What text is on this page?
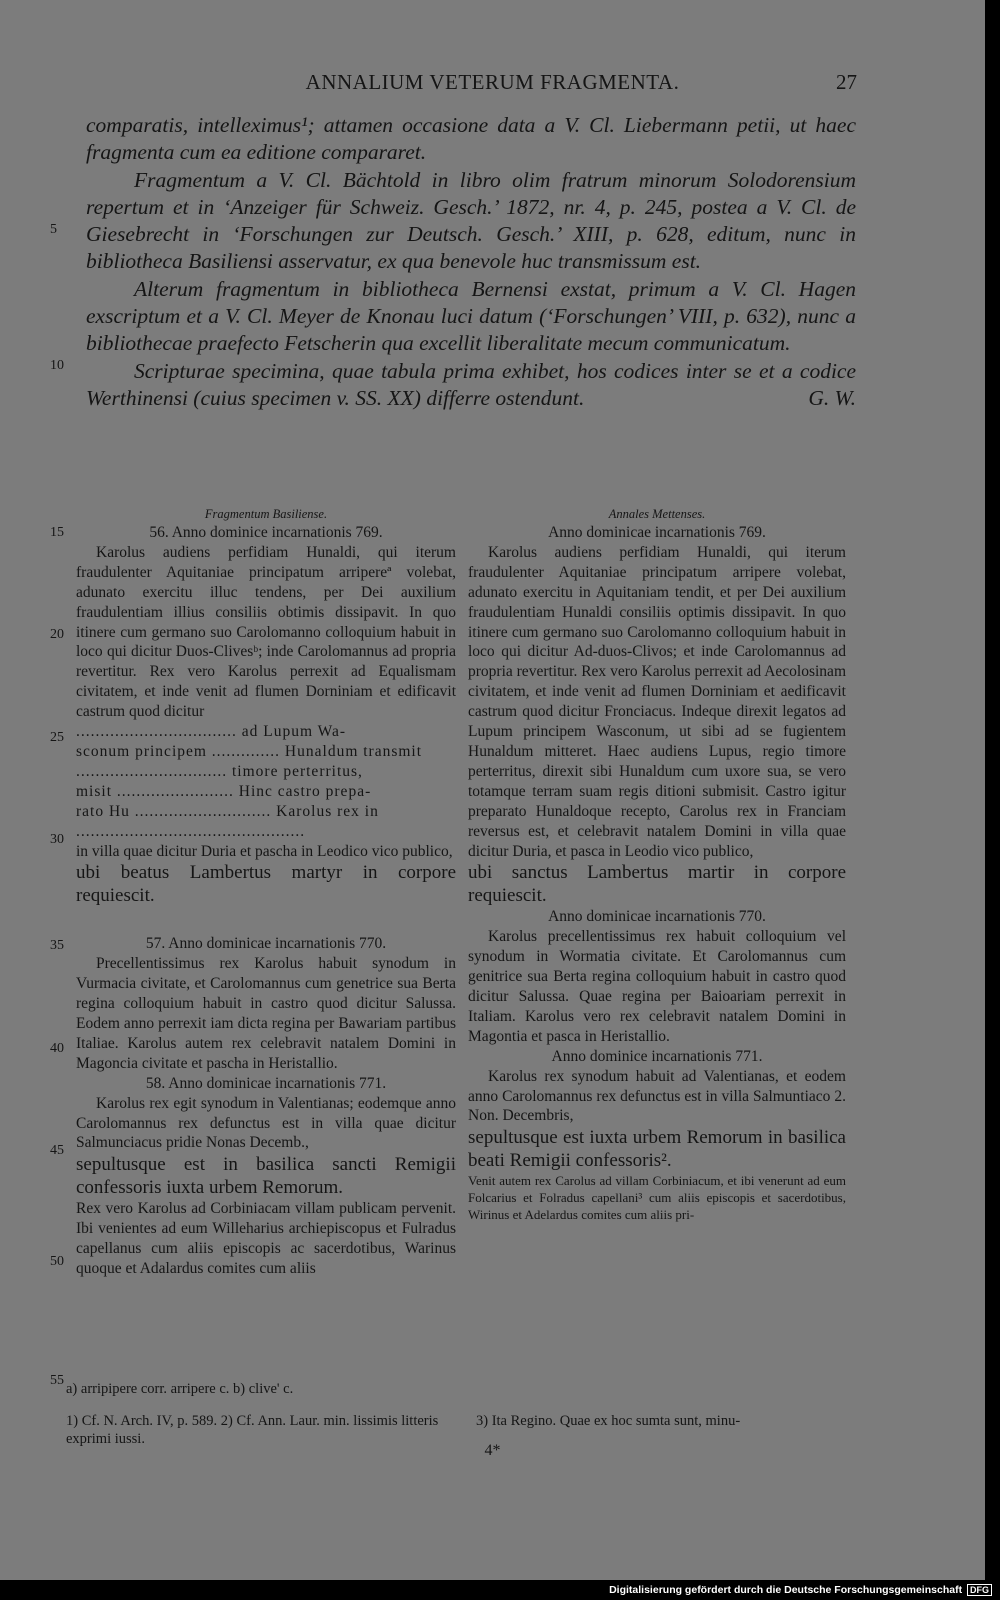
ANNALIUM VETERUM FRAGMENTA.	27

comparatis, intelleximus¹; attamen occasione data a V. Cl. Liebermann petii, ut haec fragmenta cum ea editione compararet.

Fragmentum a V. Cl. Bächtold in libro olim fratrum minorum Solodorensium repertum et in ‘Anzeiger für Schweiz. Gesch.’ 1872, nr. 4, p. 245, postea a V. Cl. de Giesebrecht in ‘Forschungen zur Deutsch. Gesch.’ XIII, p. 628, editum, nunc in bibliotheca Basiliensi asservatur, ex qua benevole huc transmissum est.

Alterum fragmentum in bibliotheca Bernensi exstat, primum a V. Cl. Hagen exscriptum et a V. Cl. Meyer de Knonau luci datum (‘Forschungen’ VIII, p. 632), nunc a bibliothecae praefecto Fetscherin qua excellit liberalitate mecum communicatum.

Scripturae specimina, quae tabula prima exhibet, hos codices inter se et a codice Werthinensi (cuius specimen v. SS. XX) differre ostendunt.	G. W.

5
10
15
20
25
30
35
40
45
50
55
Fragmentum Basiliense.
56. Anno dominice incarnationis 769.

Karolus audiens perfidiam Hunaldi, qui iterum fraudulenter Aquitaniae principatum arripereª volebat, adunato exercitu illuc tendens, per Dei auxilium fraudulentiam illius consiliis obtimis dissipavit. In quo itinere cum germano suo Carolomanno colloquium habuit in loco qui dicitur Duos-Clivesᵇ; inde Carolomannus ad propria revertitur. Rex vero Karolus perrexit ad Equalismam civitatem, et inde venit ad flumen Dorniniam et edificavit castrum quod dicitur

................................. ad Lupum Wa-
sconum principem .............. Hunaldum transmit
............................... timore perterritus,
misit ........................ Hinc castro prepa-
rato Hu ............................ Karolus rex in
...............................................

in villa quae dicitur Duria et pascha in Leodico vico publico,

ubi beatus Lambertus martyr in corpore requiescit.

57. Anno dominicae incarnationis 770.

Precellentissimus rex Karolus habuit synodum in Vurmacia civitate, et Carolomannus cum genetrice sua Berta regina colloquium habuit in castro quod dicitur Salussa. Eodem anno perrexit iam dicta regina per Bawariam partibus Italiae. Karolus autem rex celebravit natalem Domini in Magoncia civitate et pascha in Heristallio.

58. Anno dominicae incarnationis 771.

Karolus rex egit synodum in Valentianas; eodemque anno Carolomannus rex defunctus est in villa quae dicitur Salmunciacus pridie Nonas Decemb.,

sepultusque est in basilica sancti Remigii confessoris iuxta urbem Remorum.

Rex vero Karolus ad Corbiniacam villam publicam pervenit. Ibi venientes ad eum Willeharius archiepiscopus et Fulradus capellanus cum aliis episcopis ac sacerdotibus, Warinus quoque et Adalardus comites cum aliis

Annales Mettenses.
Anno dominicae incarnationis 769.

Karolus audiens perfidiam Hunaldi, qui iterum fraudulenter Aquitaniae principatum arripere volebat, adunato exercitu in Aquitaniam tendit, et per Dei auxilium fraudulentiam Hunaldi consiliis optimis dissipavit. In quo itinere cum germano suo Carolomanno colloquium habuit in loco qui dicitur Ad-duos-Clivos; et inde Carolomannus ad propria revertitur. Rex vero Karolus perrexit ad Aecolosinam civitatem, et inde venit ad flumen Dorniniam et aedificavit castrum quod dicitur Fronciacus. Indeque direxit legatos ad Lupum principem Wasconum, ut sibi ad se fugientem Hunaldum mitteret. Haec audiens Lupus, regio timore perterritus, direxit sibi Hunaldum cum uxore sua, se vero totamque terram suam regis ditioni submisit. Castro igitur preparato Hunaldoque recepto, Carolus rex in Franciam reversus est, et celebravit natalem Domini in villa quae dicitur Duria, et pasca in Leodio vico publico,

ubi sanctus Lambertus martir in corpore requiescit.

Anno dominicae incarnationis 770.

Karolus precellentissimus rex habuit colloquium vel synodum in Wormatia civitate. Et Carolomannus cum genitrice sua Berta regina colloquium habuit in castro quod dicitur Salussa. Quae regina per Baioariam perrexit in Italiam. Karolus vero rex celebravit natalem Domini in Magontia et pasca in Heristallio.

Anno dominice incarnationis 771.

Karolus rex synodum habuit ad Valentianas, et eodem anno Carolomannus rex defunctus est in villa Salmuntiaco 2. Non. Decembris,

sepultusque est iuxta urbem Remorum in basilica beati Remigii confessoris².

Venit autem rex Carolus ad villam Corbiniacum, et ibi venerunt ad eum Folcarius et Folradus capellani³ cum aliis episcopis et sacerdotibus, Wirinus et Adelardus comites cum aliis pri-

a) arripipere corr. arripere c. b) clive' c.
1) Cf. N. Arch. IV, p. 589. 2) Cf. Ann. Laur. min. lissimis litteris exprimi iussi.
3) Ita Regino. Quae ex hoc sumta sunt, minu-
4*
Digitalisierung gefördert durch die Deutsche Forschungsgemeinschaft DFG
